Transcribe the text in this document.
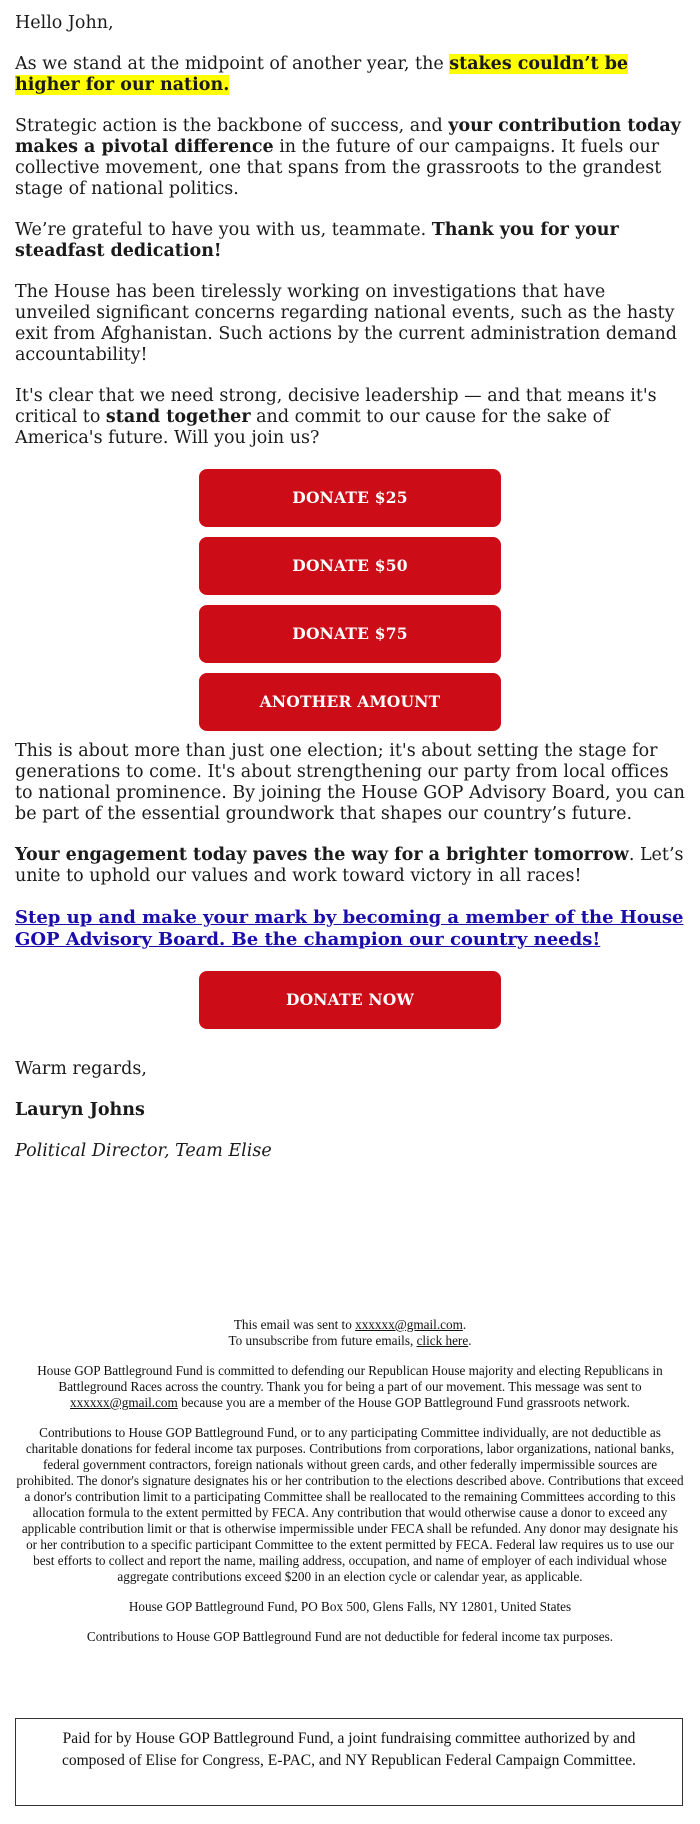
Hello John,

As we stand at the midpoint of another year, the stakes couldn’t be higher for our nation.

Strategic action is the backbone of success, and your contribution today makes a pivotal difference in the future of our campaigns. It fuels our collective movement, one that spans from the grassroots to the grandest stage of national politics.

We’re grateful to have you with us, teammate. Thank you for your steadfast dedication!

The House has been tirelessly working on investigations that have unveiled significant concerns regarding national events, such as the hasty exit from Afghanistan. Such actions by the current administration demand accountability!

It's clear that we need strong, decisive leadership — and that means it's critical to stand together and commit to our cause for the sake of America's future. Will you join us?

DONATE $25
DONATE $50
DONATE $75
ANOTHER AMOUNT

This is about more than just one election; it's about setting the stage for generations to come. It's about strengthening our party from local offices to national prominence. By joining the House GOP Advisory Board, you can be part of the essential groundwork that shapes our country’s future.

Your engagement today paves the way for a brighter tomorrow. Let’s unite to uphold our values and work toward victory in all races!

Step up and make your mark by becoming a member of the House GOP Advisory Board. Be the champion our country needs!

DONATE NOW

Warm regards,

Lauryn Johns

Political Director, Team Elise

This email was sent to xxxxxx@gmail.com.
To unsubscribe from future emails, click here.

House GOP Battleground Fund is committed to defending our Republican House majority and electing Republicans in Battleground Races across the country. Thank you for being a part of our movement. This message was sent to xxxxxx@gmail.com because you are a member of the House GOP Battleground Fund grassroots network.

Contributions to House GOP Battleground Fund, or to any participating Committee individually, are not deductible as charitable donations for federal income tax purposes. Contributions from corporations, labor organizations, national banks, federal government contractors, foreign nationals without green cards, and other federally impermissible sources are prohibited. The donor's signature designates his or her contribution to the elections described above. Contributions that exceed a donor's contribution limit to a participating Committee shall be reallocated to the remaining Committees according to this allocation formula to the extent permitted by FECA. Any contribution that would otherwise cause a donor to exceed any applicable contribution limit or that is otherwise impermissible under FECA shall be refunded. Any donor may designate his or her contribution to a specific participant Committee to the extent permitted by FECA. Federal law requires us to use our best efforts to collect and report the name, mailing address, occupation, and name of employer of each individual whose aggregate contributions exceed $200 in an election cycle or calendar year, as applicable.

House GOP Battleground Fund, PO Box 500, Glens Falls, NY 12801, United States

Contributions to House GOP Battleground Fund are not deductible for federal income tax purposes.

Paid for by House GOP Battleground Fund, a joint fundraising committee authorized by and composed of Elise for Congress, E-PAC, and NY Republican Federal Campaign Committee.
